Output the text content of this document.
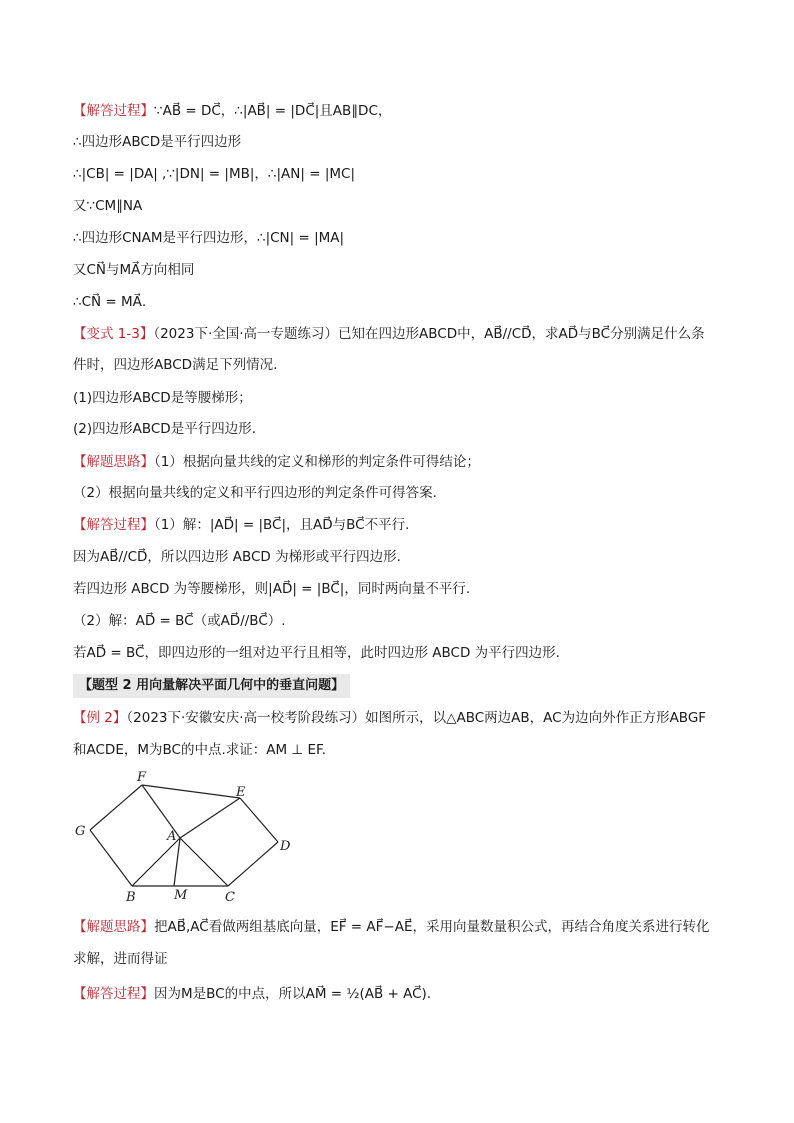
【解答过程】∵AB⃗ = DC⃗，∴|AB⃗| = |DC⃗|且AB∥DC，
∴四边形ABCD是平行四边形
∴|CB| = |DA| ,∵|DN| = |MB|，∴|AN| = |MC|
又∵CM∥NA
∴四边形CNAM是平行四边形，∴|CN| = |MA|
又CN⃗与MA⃗方向相同
∴CN⃗ = MA⃗.
【变式 1-3】（2023下·全国·高一专题练习）已知在四边形ABCD中，AB⃗//CD⃗，求AD⃗与BC⃗分别满足什么条
件时，四边形ABCD满足下列情况.
(1)四边形ABCD是等腰梯形；
(2)四边形ABCD是平行四边形.
【解题思路】（1）根据向量共线的定义和梯形的判定条件可得结论；
（2）根据向量共线的定义和平行四边形的判定条件可得答案.
【解答过程】（1）解：|AD⃗| = |BC⃗|，且AD⃗与BC⃗不平行.
因为AB⃗//CD⃗，所以四边形 ABCD 为梯形或平行四边形.
若四边形 ABCD 为等腰梯形，则|AD⃗| = |BC⃗|，同时两向量不平行.
（2）解：AD⃗ = BC⃗（或AD⃗//BC⃗）.
若AD⃗ = BC⃗，即四边形的一组对边平行且相等，此时四边形 ABCD 为平行四边形.
【题型 2 用向量解决平面几何中的垂直问题】
【例 2】（2023下·安徽安庆·高一校考阶段练习）如图所示，以△ABC两边AB，AC为边向外作正方形ABGF
和ACDE，M为BC的中点.求证：AM ⊥ EF.
F
E
G	A
D
B	M	C
【解题思路】把AB⃗,AC⃗看做两组基底向量，EF⃗ = AF⃗−AE⃗，采用向量数量积公式，再结合角度关系进行转化
求解，进而得证
【解答过程】因为M是BC的中点，所以AM⃗ = ½(AB⃗ + AC⃗).
